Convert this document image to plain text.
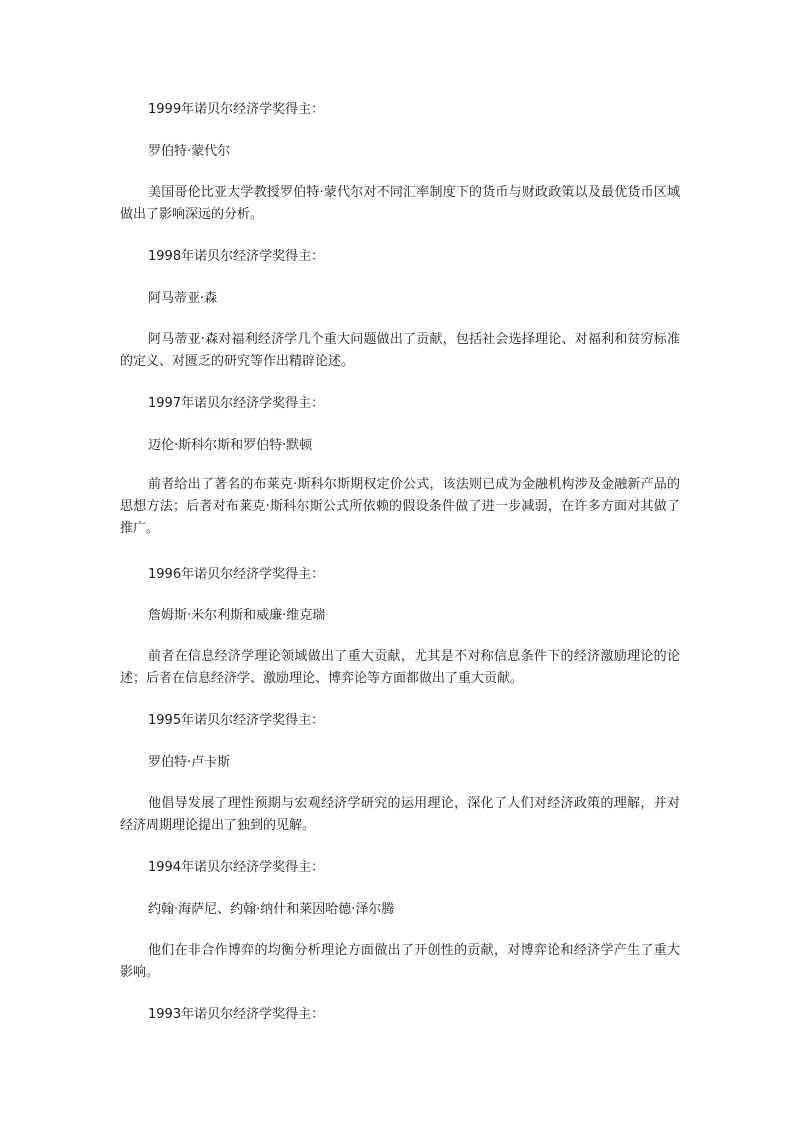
1999年诺贝尔经济学奖得主：

罗伯特·蒙代尔

美国哥伦比亚大学教授罗伯特·蒙代尔对不同汇率制度下的货币与财政政策以及最优货币区域做出了影响深远的分析。

1998年诺贝尔经济学奖得主：

阿马蒂亚·森

阿马蒂亚·森对福利经济学几个重大问题做出了贡献，包括社会选择理论、对福利和贫穷标准的定义、对匮乏的研究等作出精辟论述。

1997年诺贝尔经济学奖得主：

迈伦·斯科尔斯和罗伯特·默顿

前者给出了著名的布莱克·斯科尔斯期权定价公式，该法则已成为金融机构涉及金融新产品的思想方法；后者对布莱克·斯科尔斯公式所依赖的假设条件做了进一步减弱，在许多方面对其做了推广。

1996年诺贝尔经济学奖得主：

詹姆斯·米尔利斯和威廉·维克瑞

前者在信息经济学理论领域做出了重大贡献，尤其是不对称信息条件下的经济激励理论的论述；后者在信息经济学、激励理论、博弈论等方面都做出了重大贡献。

1995年诺贝尔经济学奖得主：

罗伯特·卢卡斯

他倡导发展了理性预期与宏观经济学研究的运用理论，深化了人们对经济政策的理解，并对经济周期理论提出了独到的见解。

1994年诺贝尔经济学奖得主：

约翰·海萨尼、约翰·纳什和莱因哈德·泽尔腾

他们在非合作博弈的均衡分析理论方面做出了开创性的贡献，对博弈论和经济学产生了重大影响。

1993年诺贝尔经济学奖得主：
